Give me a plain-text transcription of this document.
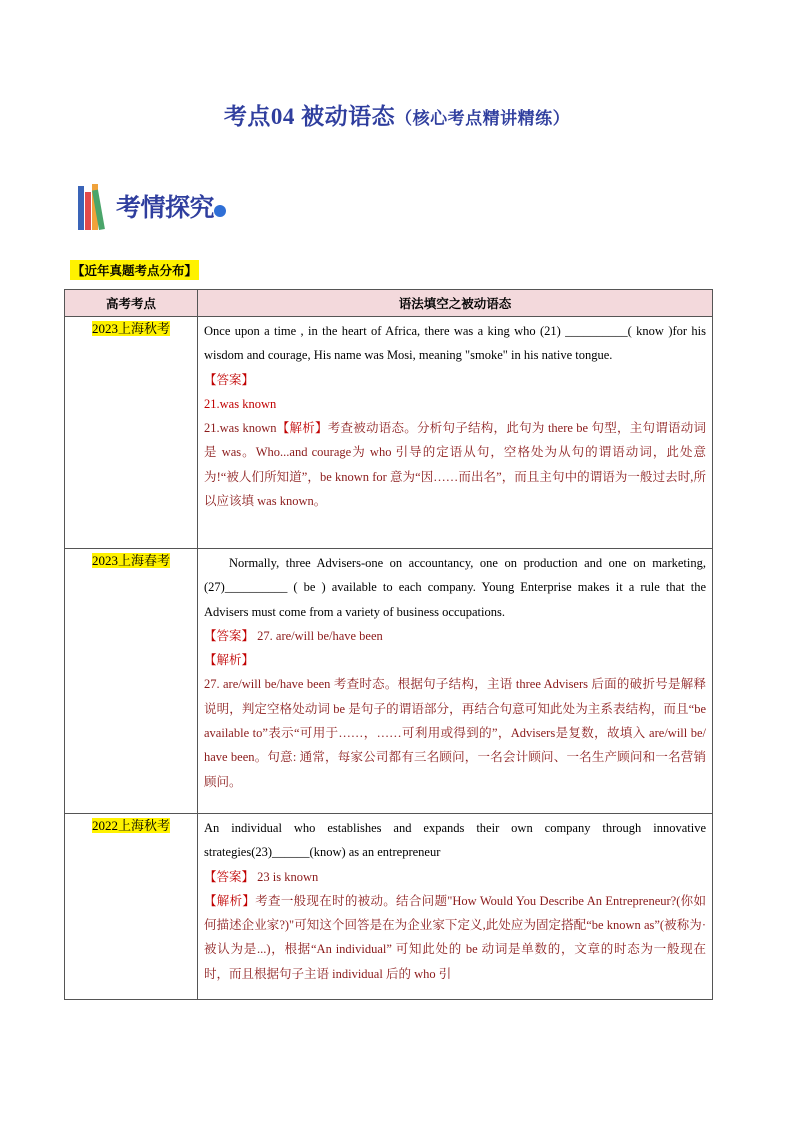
考点04 被动语态（核心考点精讲精练）
考情探究
【近年真题考点分布】
高考考点	语法填空之被动语态
2023上海秋考	Once upon a time , in the heart of Africa, there was a king who (21) __________( know )for his wisdom and courage, His name was Mosi, meaning "smoke" in his native tongue.

【答案】

21.was known

21.was known【解析】考查被动语态。分析句子结构，此句为 there be 句型，主句谓语动词是 was。Who...and courage为 who 引导的定语从句，空格处为从句的谓语动词，此处意为!“被人们所知道”，be known for 意为“因……而出名”，而且主句中的谓语为一般过去时,所以应该填 was known。

2023上海春考	Normally, three Advisers-one on accountancy, one on production and one on marketing,(27)__________ ( be ) available to each company. Young Enterprise makes it a rule that the Advisers must come from a variety of business occupations.

【答案】 27. are/will be/have been

【解析】

27. are/will be/have been 考查时态。根据句子结构，主语 three Advisers 后面的破折号是解释说明，判定空格处动词 be 是句子的谓语部分，再结合句意可知此处为主系表结构，而且“be available to”表示“可用于……，……可利用或得到的”，Advisers是复数，故填入 are/will be/ have been。句意: 通常，每家公司都有三名顾问，一名会计顾问、一名生产顾问和一名营销顾问。

2022上海秋考	An individual who establishes and expands their own company through innovative strategies(23)______(know) as an entrepreneur

【答案】 23 is known

【解析】考查一般现在时的被动。结合问题"How Would You Describe An Entrepreneur?(你如何描述企业家?)"可知这个回答是在为企业家下定义,此处应为固定搭配“be known as”(被称为·被认为是...)，根据“An individual” 可知此处的 be 动词是单数的，文章的时态为一般现在时，而且根据句子主语 individual 后的 who 引
